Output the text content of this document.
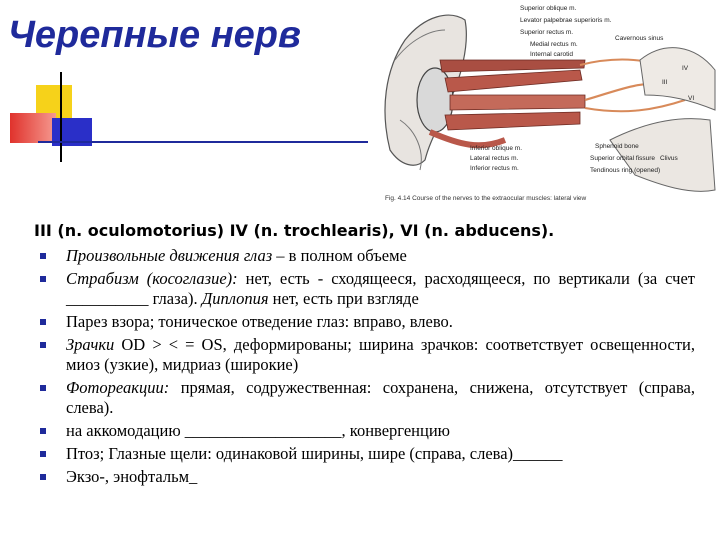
Черепные нерв
Superior oblique m.
Levator palpebrae superioris m.
Superior rectus m.
Medial rectus m.
Internal carotid
Cavernous sinus
III
IV
VI
Sphenoid bone
Clivus
Superior orbital fissure
Tendinous ring (opened)
Inferior oblique m.
Lateral rectus m.
Inferior rectus m.
Fig. 4.14 Course of the nerves to the extraocular muscles: lateral view
III (n. oculomotorius) IV (n. trochlearis), VI (n. abducens).
Произвольные движения глаз – в полном объеме
Страбизм (косоглазие): нет, есть - сходящееся, расходящееся, по вертикали (за счет __________ глаза). Диплопия нет, есть при взгляде
Парез взора; тоническое отведение глаз: вправо, влево.
Зрачки OD > < = OS, деформированы; ширина зрачков: соответствует освещенности, миоз (узкие), мидриаз (широкие)
Фотореакции: прямая, содружественная: сохранена, снижена, отсутствует (справа, слева).
на аккомодацию ___________________, конвергенцию
Птоз; Глазные щели: одинаковой ширины, шире (справа, слева)______
Экзо-, энофтальм_
